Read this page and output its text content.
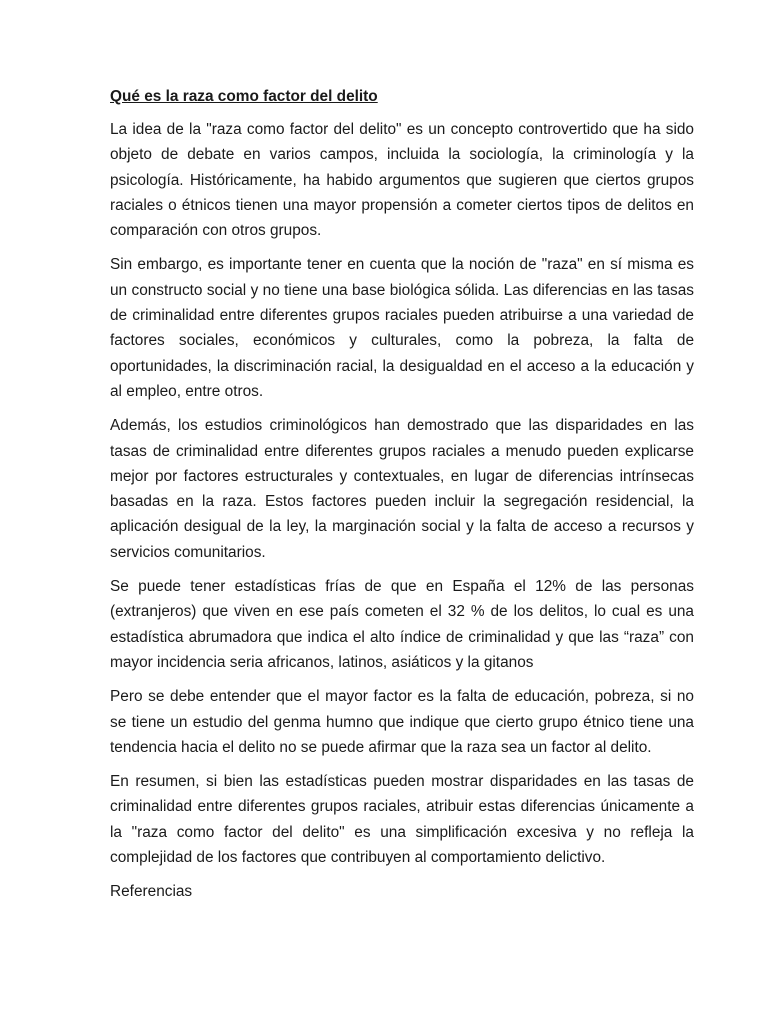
Qué es la raza como factor del delito

La idea de la "raza como factor del delito" es un concepto controvertido que ha sido objeto de debate en varios campos, incluida la sociología, la criminología y la psicología. Históricamente, ha habido argumentos que sugieren que ciertos grupos raciales o étnicos tienen una mayor propensión a cometer ciertos tipos de delitos en comparación con otros grupos.

Sin embargo, es importante tener en cuenta que la noción de "raza" en sí misma es un constructo social y no tiene una base biológica sólida. Las diferencias en las tasas de criminalidad entre diferentes grupos raciales pueden atribuirse a una variedad de factores sociales, económicos y culturales, como la pobreza, la falta de oportunidades, la discriminación racial, la desigualdad en el acceso a la educación y al empleo, entre otros.

Además, los estudios criminológicos han demostrado que las disparidades en las tasas de criminalidad entre diferentes grupos raciales a menudo pueden explicarse mejor por factores estructurales y contextuales, en lugar de diferencias intrínsecas basadas en la raza. Estos factores pueden incluir la segregación residencial, la aplicación desigual de la ley, la marginación social y la falta de acceso a recursos y servicios comunitarios.

Se puede tener estadísticas frías de que en España el 12% de las personas (extranjeros) que viven en ese país cometen el 32 % de los delitos, lo cual es una estadística abrumadora que indica el alto índice de criminalidad y que las “raza” con mayor incidencia seria africanos, latinos, asiáticos y la gitanos

Pero se debe entender que el mayor factor es la falta de educación, pobreza, si no se tiene un estudio del genma humno que indique que cierto grupo étnico tiene una tendencia hacia el delito no se puede afirmar que la raza sea un factor al delito.

En resumen, si bien las estadísticas pueden mostrar disparidades en las tasas de criminalidad entre diferentes grupos raciales, atribuir estas diferencias únicamente a la "raza como factor del delito" es una simplificación excesiva y no refleja la complejidad de los factores que contribuyen al comportamiento delictivo.

Referencias
